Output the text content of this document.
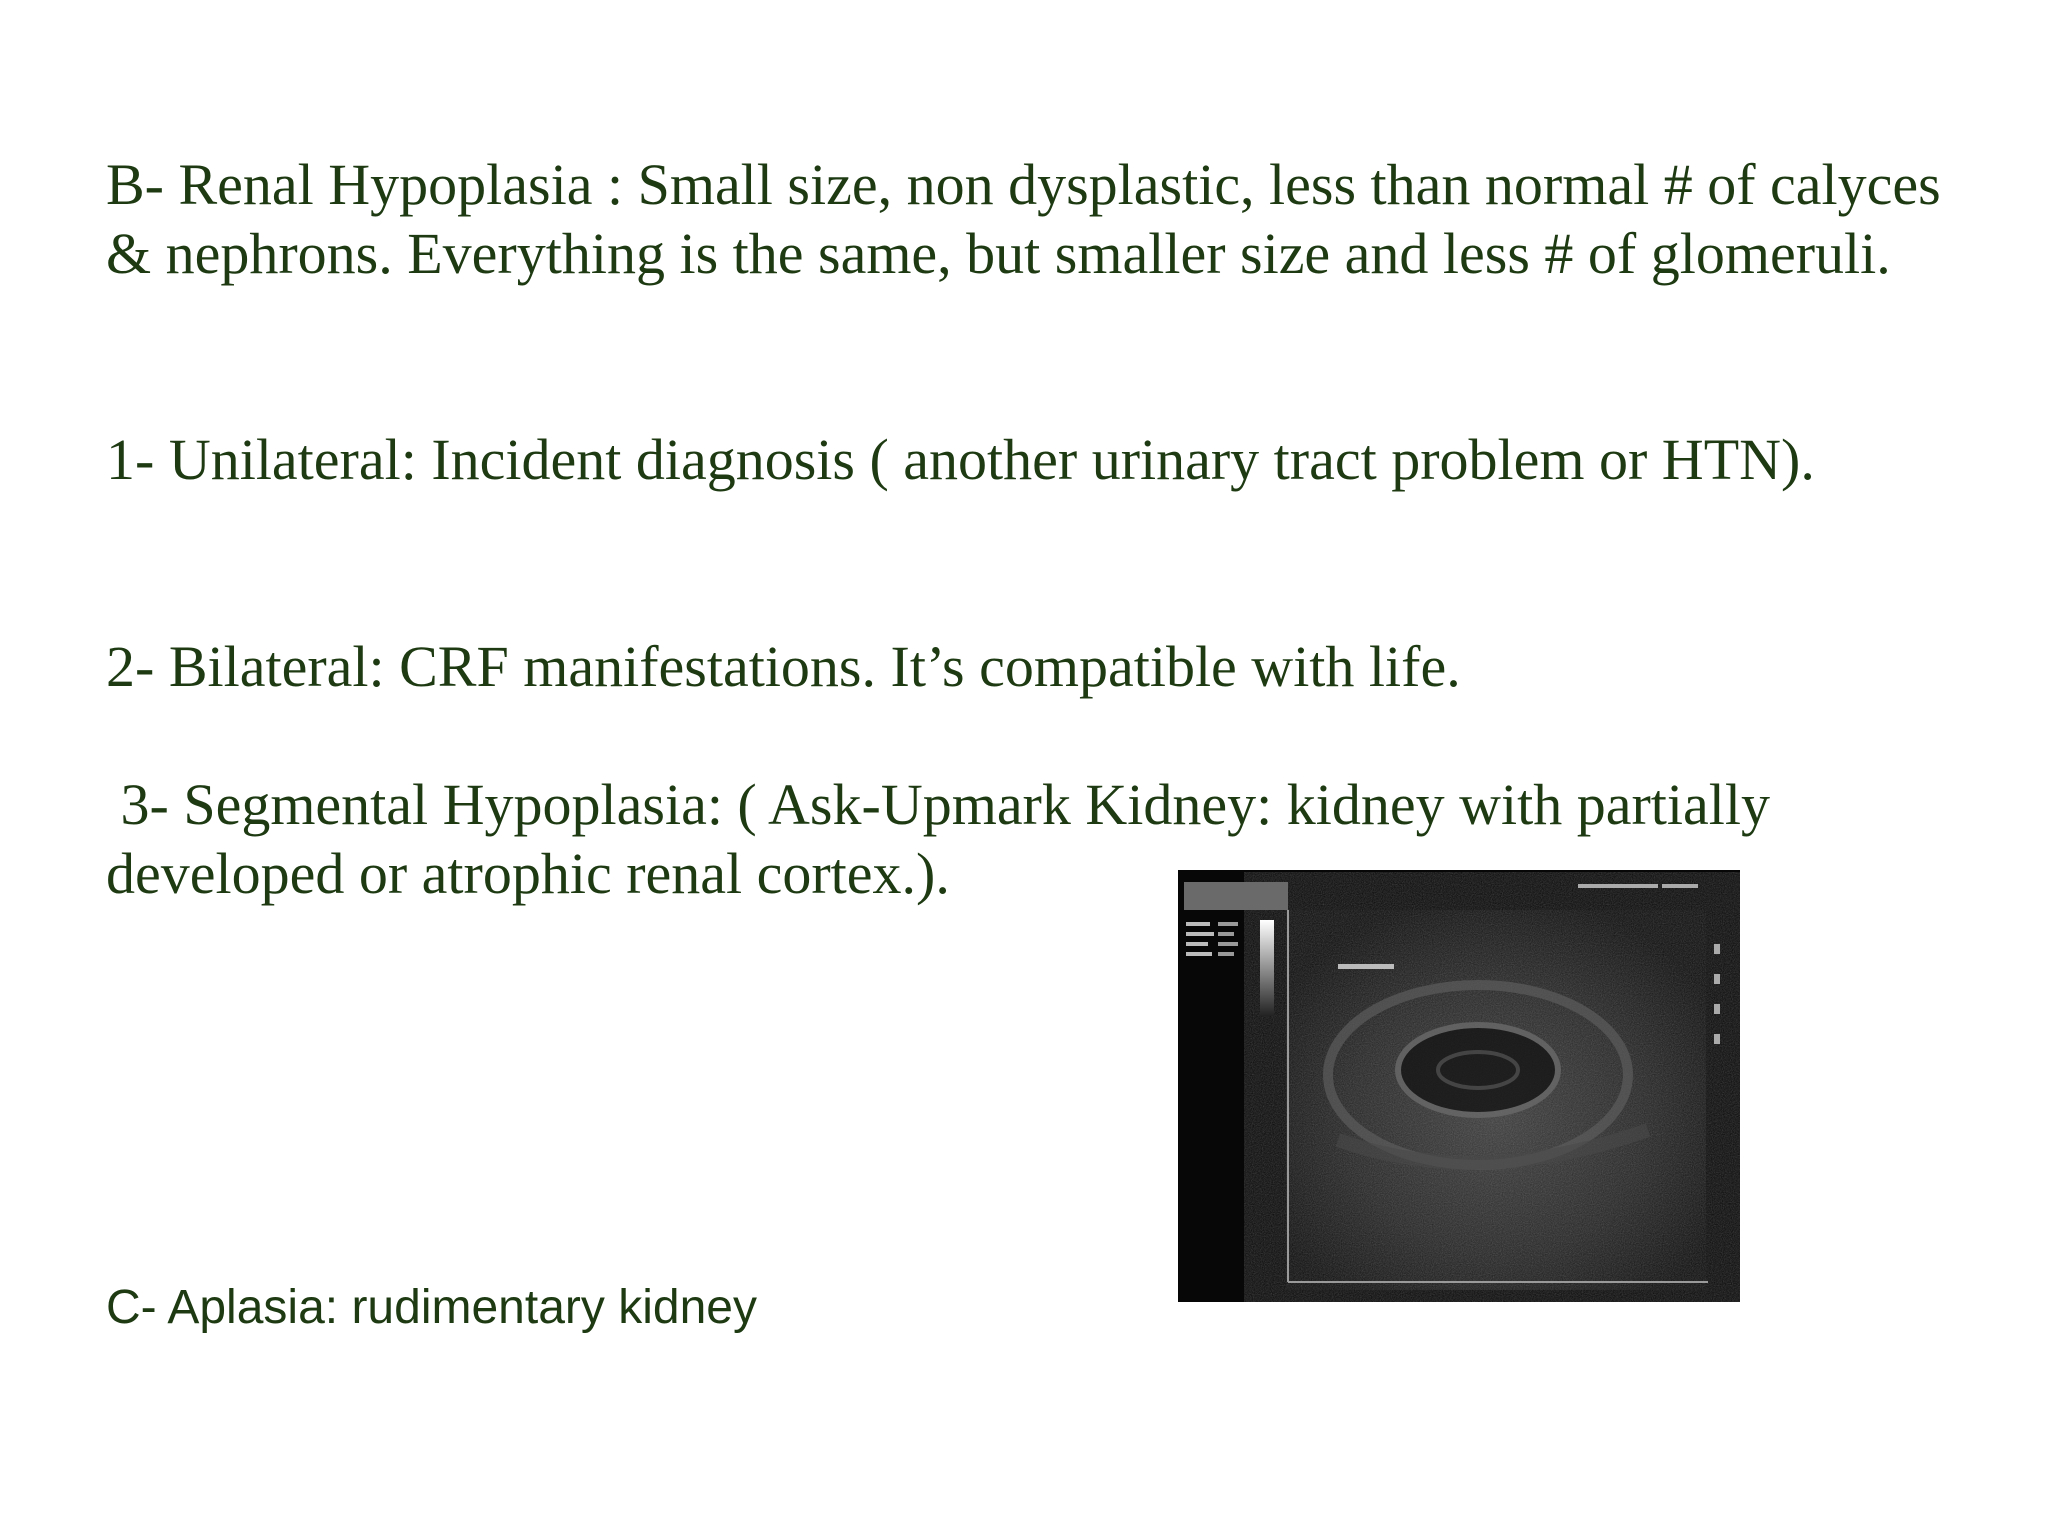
B- Renal Hypoplasia : Small size, non dysplastic, less than normal # of calyces & nephrons. Everything is the same, but smaller size and less # of glomeruli.

1- Unilateral: Incident diagnosis ( another urinary tract problem or HTN).

2- Bilateral: CRF manifestations. It’s compatible with life.

3- Segmental Hypoplasia: ( Ask-Upmark Kidney: kidney with partially developed or atrophic renal cortex.).

C- Aplasia: rudimentary kidney
